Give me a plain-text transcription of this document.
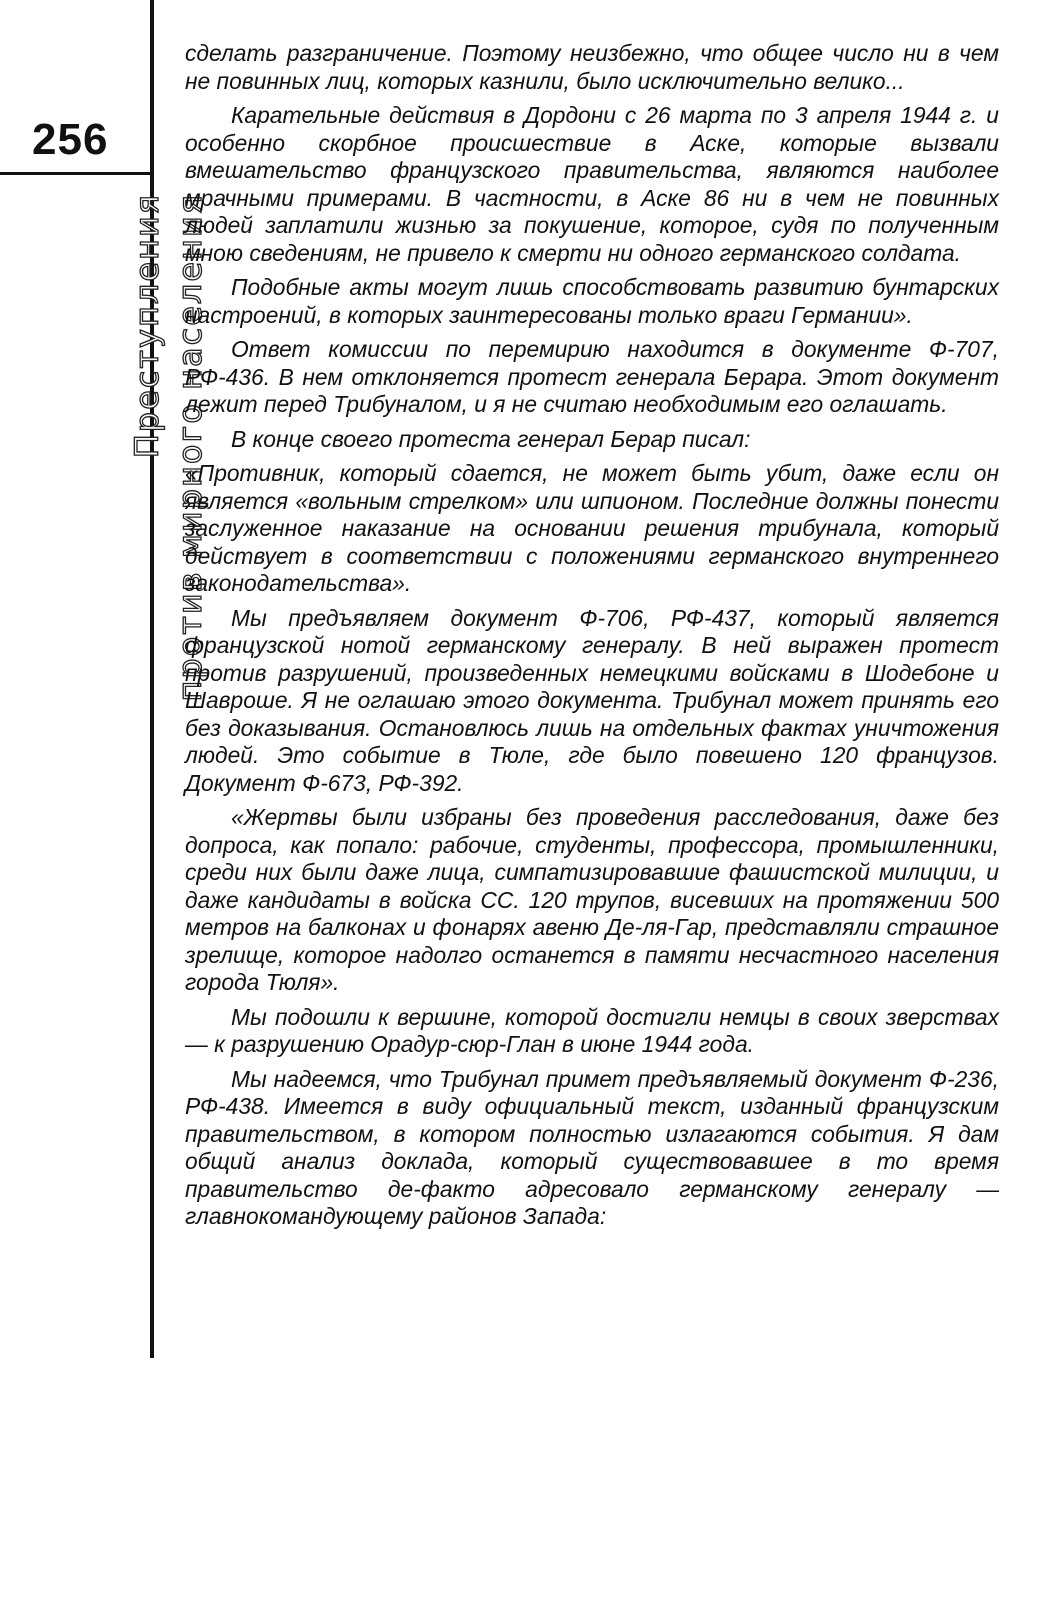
256
Преступления против мирного населения

сделать разграничение. Поэтому неизбежно, что общее число ни в чем не повинных лиц, которых казнили, было исключительно велико...

Карательные действия в Дордони с 26 марта по 3 апреля 1944 г. и особенно скорбное происшествие в Аске, которые вызвали вмешательство французского правительства, являются наиболее мрачными примерами. В частности, в Аске 86 ни в чем не повинных людей заплатили жизнью за покушение, которое, судя по полученным мною сведениям, не привело к смерти ни одного германского солдата.

Подобные акты могут лишь способствовать развитию бунтарских настроений, в которых заинтересованы только враги Германии».

Ответ комиссии по перемирию находится в документе Ф-707, РФ-436. В нем отклоняется протест генерала Берара. Этот документ лежит перед Трибуналом, и я не считаю необходимым его оглашать.

В конце своего протеста генерал Берар писал:

«Противник, который сдается, не может быть убит, даже если он является «вольным стрелком» или шпионом. Последние должны понести заслуженное наказание на основании решения трибунала, который действует в соответствии с положениями германского внутреннего законодательства».

Мы предъявляем документ Ф-706, РФ-437, который является французской нотой германскому генералу. В ней выражен протест против разрушений, произведенных немецкими войсками в Шодебоне и Шаврошe. Я не оглашаю этого документа. Трибунал может принять его без доказывания. Остановлюсь лишь на отдельных фактах уничтожения людей. Это событие в Тюле, где было повешено 120 французов. Документ Ф-673, РФ-392.

«Жертвы были избраны без проведения расследования, даже без допроса, как попало: рабочие, студенты, профессора, промышленники, среди них были даже лица, симпатизировавшие фашистской милиции, и даже кандидаты в войска СС. 120 трупов, висевших на протяжении 500 метров на балконах и фонарях авеню Де-ля-Гар, представляли страшное зрелище, которое надолго останется в памяти несчастного населения города Тюля».

Мы подошли к вершине, которой достигли немцы в своих зверствах — к разрушению Орадур-сюр-Глан в июне 1944 года.

Мы надеемся, что Трибунал примет предъявляемый документ Ф-236, РФ-438. Имеется в виду официальный текст, изданный французским правительством, в котором полностью излагаются события. Я дам общий анализ доклада, который существовавшее в то время правительство де-факто адресовало германскому генералу — главнокомандующему районов Запада:
